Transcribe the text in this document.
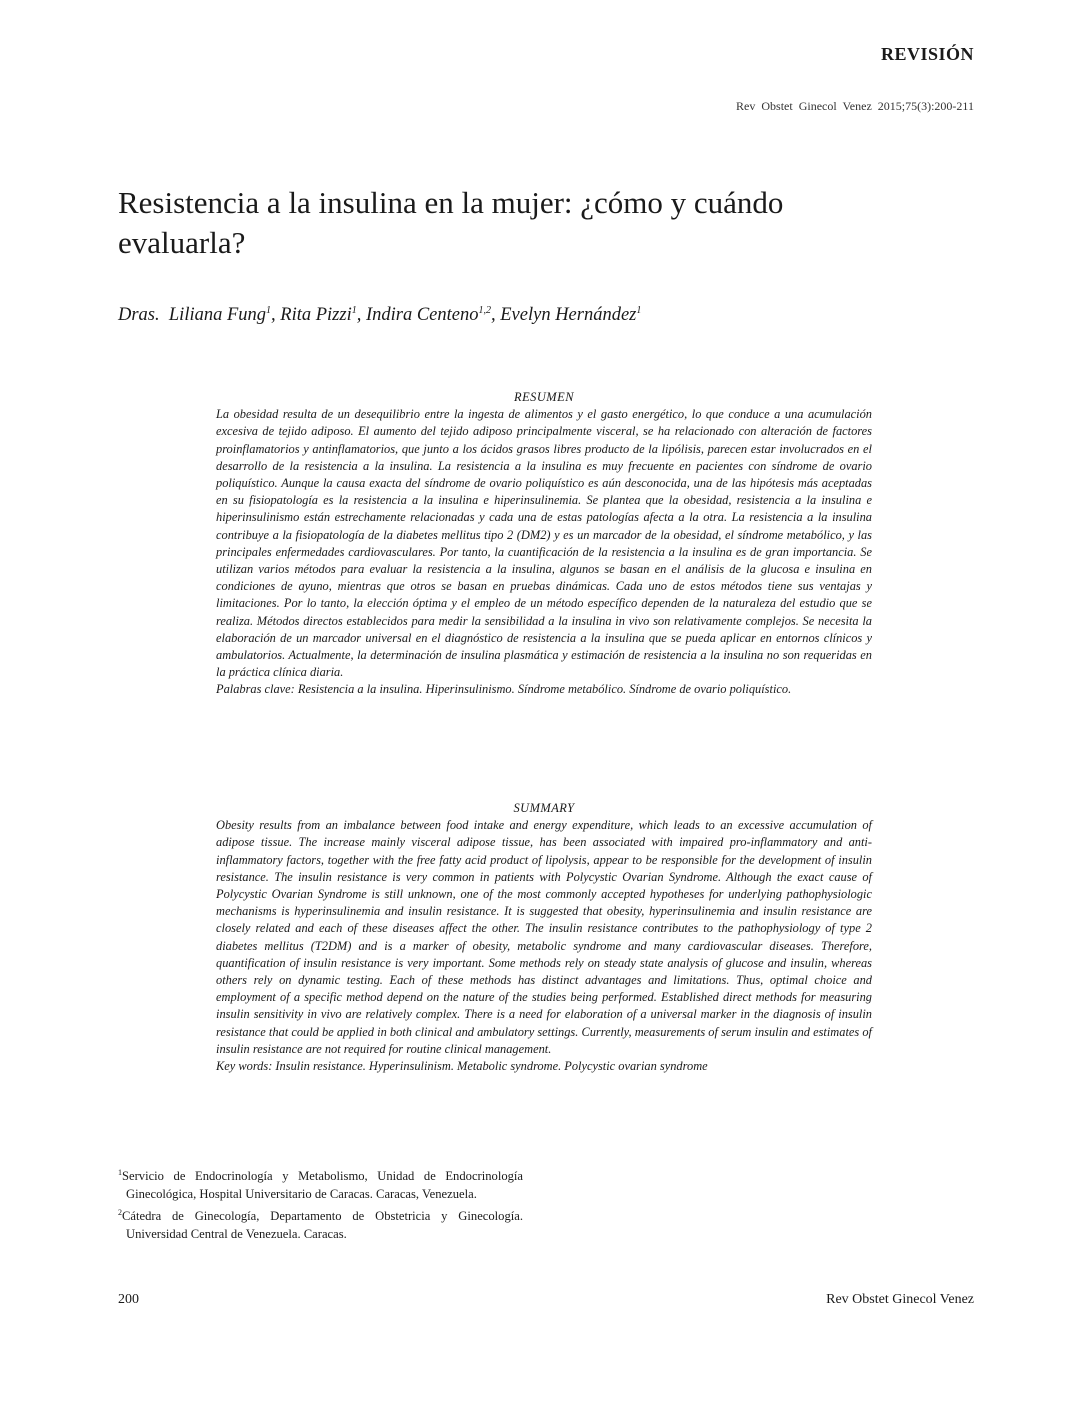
REVISIÓN
Rev Obstet Ginecol Venez 2015;75(3):200-211
Resistencia a la insulina en la mujer: ¿cómo y cuándo evaluarla?
Dras. Liliana Fung$^1$, Rita Pizzi$^1$, Indira Centeno$^{1,2}$, Evelyn Hernández$^1$
RESUMEN

La obesidad resulta de un desequilibrio entre la ingesta de alimentos y el gasto energético, lo que conduce a una acumulación excesiva de tejido adiposo. El aumento del tejido adiposo principalmente visceral, se ha relacionado con alteración de factores proinflamatorios y antinflamatorios, que junto a los ácidos grasos libres producto de la lipólisis, parecen estar involucrados en el desarrollo de la resistencia a la insulina. La resistencia a la insulina es muy frecuente en pacientes con síndrome de ovario poliquístico. Aunque la causa exacta del síndrome de ovario poliquístico es aún desconocida, una de las hipótesis más aceptadas en su fisiopatología es la resistencia a la insulina e hiperinsulinemia. Se plantea que la obesidad, resistencia a la insulina e hiperinsulinismo están estrechamente relacionadas y cada una de estas patologías afecta a la otra. La resistencia a la insulina contribuye a la fisiopatología de la diabetes mellitus tipo 2 (DM2) y es un marcador de la obesidad, el síndrome metabólico, y las principales enfermedades cardiovasculares. Por tanto, la cuantificación de la resistencia a la insulina es de gran importancia. Se utilizan varios métodos para evaluar la resistencia a la insulina, algunos se basan en el análisis de la glucosa e insulina en condiciones de ayuno, mientras que otros se basan en pruebas dinámicas. Cada uno de estos métodos tiene sus ventajas y limitaciones. Por lo tanto, la elección óptima y el empleo de un método específico dependen de la naturaleza del estudio que se realiza. Métodos directos establecidos para medir la sensibilidad a la insulina in vivo son relativamente complejos. Se necesita la elaboración de un marcador universal en el diagnóstico de resistencia a la insulina que se pueda aplicar en entornos clínicos y ambulatorios. Actualmente, la determinación de insulina plasmática y estimación de resistencia a la insulina no son requeridas en la práctica clínica diaria.

Palabras clave: Resistencia a la insulina. Hiperinsulinismo. Síndrome metabólico. Síndrome de ovario poliquístico.

SUMMARY

Obesity results from an imbalance between food intake and energy expenditure, which leads to an excessive accumulation of adipose tissue. The increase mainly visceral adipose tissue, has been associated with impaired pro-inflammatory and anti-inflammatory factors, together with the free fatty acid product of lipolysis, appear to be responsible for the development of insulin resistance. The insulin resistance is very common in patients with Polycystic Ovarian Syndrome. Although the exact cause of Polycystic Ovarian Syndrome is still unknown, one of the most commonly accepted hypotheses for underlying pathophysiologic mechanisms is hyperinsulinemia and insulin resistance. It is suggested that obesity, hyperinsulinemia and insulin resistance are closely related and each of these diseases affect the other. The insulin resistance contributes to the pathophysiology of type 2 diabetes mellitus (T2DM) and is a marker of obesity, metabolic syndrome and many cardiovascular diseases. Therefore, quantification of insulin resistance is very important. Some methods rely on steady state analysis of glucose and insulin, whereas others rely on dynamic testing. Each of these methods has distinct advantages and limitations. Thus, optimal choice and employment of a specific method depend on the nature of the studies being performed. Established direct methods for measuring insulin sensitivity in vivo are relatively complex. There is a need for elaboration of a universal marker in the diagnosis of insulin resistance that could be applied in both clinical and ambulatory settings. Currently, measurements of serum insulin and estimates of insulin resistance are not required for routine clinical management.

Key words: Insulin resistance. Hyperinsulinism. Metabolic syndrome. Polycystic ovarian syndrome

$^1$Servicio de Endocrinología y Metabolismo, Unidad de Endocrinología Ginecológica, Hospital Universitario de Caracas. Caracas, Venezuela.
$^2$Cátedra de Ginecología, Departamento de Obstetricia y Ginecología. Universidad Central de Venezuela. Caracas.
200	Rev Obstet Ginecol Venez
